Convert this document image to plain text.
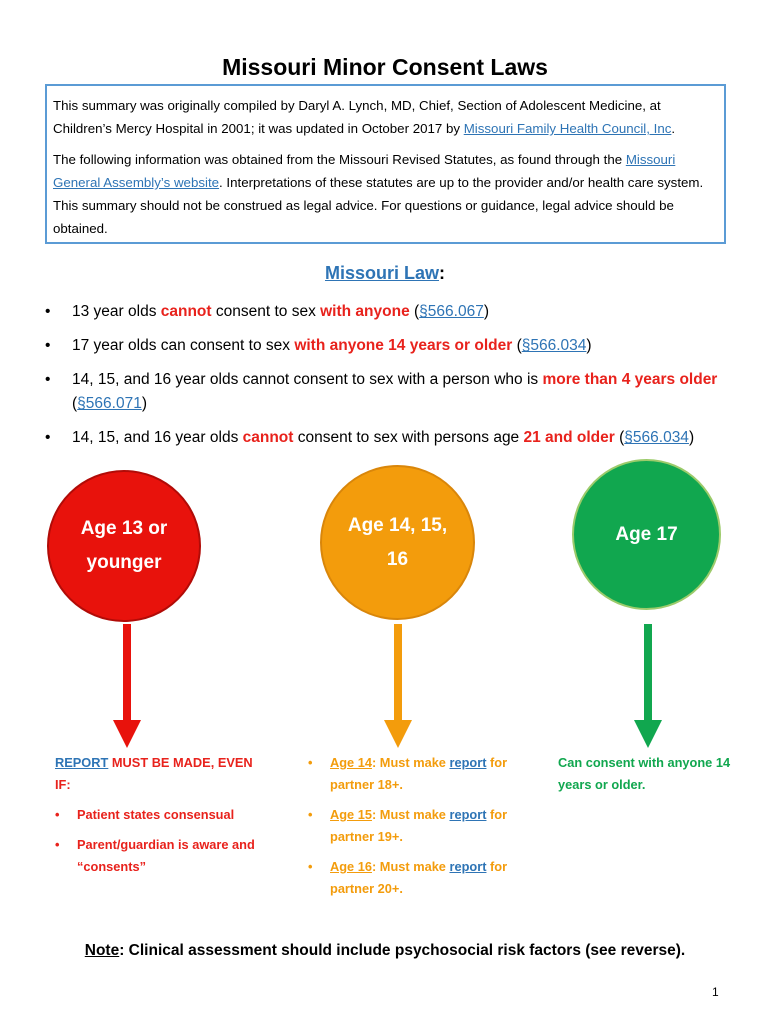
Missouri Minor Consent Laws

This summary was originally compiled by Daryl A. Lynch, MD, Chief, Section of Adolescent Medicine, at Children’s Mercy Hospital in 2001; it was updated in October 2017 by Missouri Family Health Council, Inc.

The following information was obtained from the Missouri Revised Statutes, as found through the Missouri General Assembly’s website. Interpretations of these statutes are up to the provider and/or health care system. This summary should not be construed as legal advice. For questions or guidance, legal advice should be obtained.

Missouri Law:
• 13 year olds cannot consent to sex with anyone (§566.067)
• 17 year olds can consent to sex with anyone 14 years or older (§566.034)
• 14, 15, and 16 year olds cannot consent to sex with a person who is more than 4 years older (§566.071)
• 14, 15, and 16 year olds cannot consent to sex with persons age 21 and older (§566.034)
Age 13 or younger
Age 14, 15, 16
Age 17
REPORT MUST BE MADE, EVEN IF:
• Patient states consensual
• Parent/guardian is aware and “consents”
• Age 14: Must make report for partner 18+.
• Age 15: Must make report for partner 19+.
• Age 16: Must make report for partner 20+.
Can consent with anyone 14 years or older.
Note: Clinical assessment should include psychosocial risk factors (see reverse).
1
